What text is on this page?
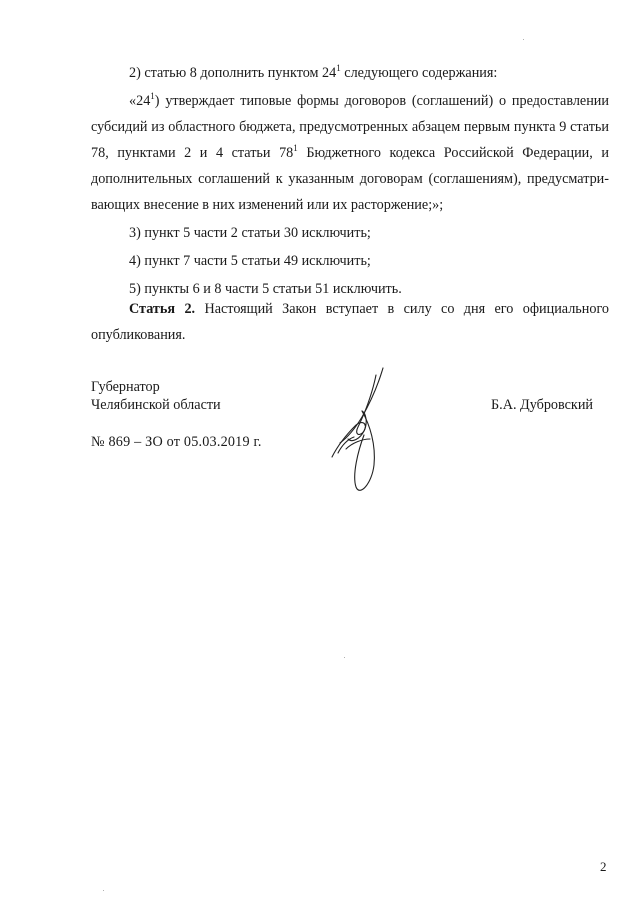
2) статью 8 дополнить пунктом $24^1$ следующего содержания:

«$24^1$) утверждает типовые формы договоров (соглашений) о предоставлении субсидий из областного бюджета, предусмотренных абзацем первым пункта 9 статьи 78, пунктами 2 и 4 статьи $78^1$ Бюджетного кодекса Российской Федерации, и дополнительных соглашений к указанным договорам (соглашениям), предусматри-вающих внесение в них изменений или их расторжение;»;

3) пункт 5 части 2 статьи 30 исключить;

4) пункт 7 части 5 статьи 49 исключить;

5) пункты 6 и 8 части 5 статьи 51 исключить.

Статья 2. Настоящий Закон вступает в силу со дня его официального опубликования.

Губернатор
Челябинской области	Б.А. Дубровский
№ 869 – ЗО от 05.03.2019 г.
2
